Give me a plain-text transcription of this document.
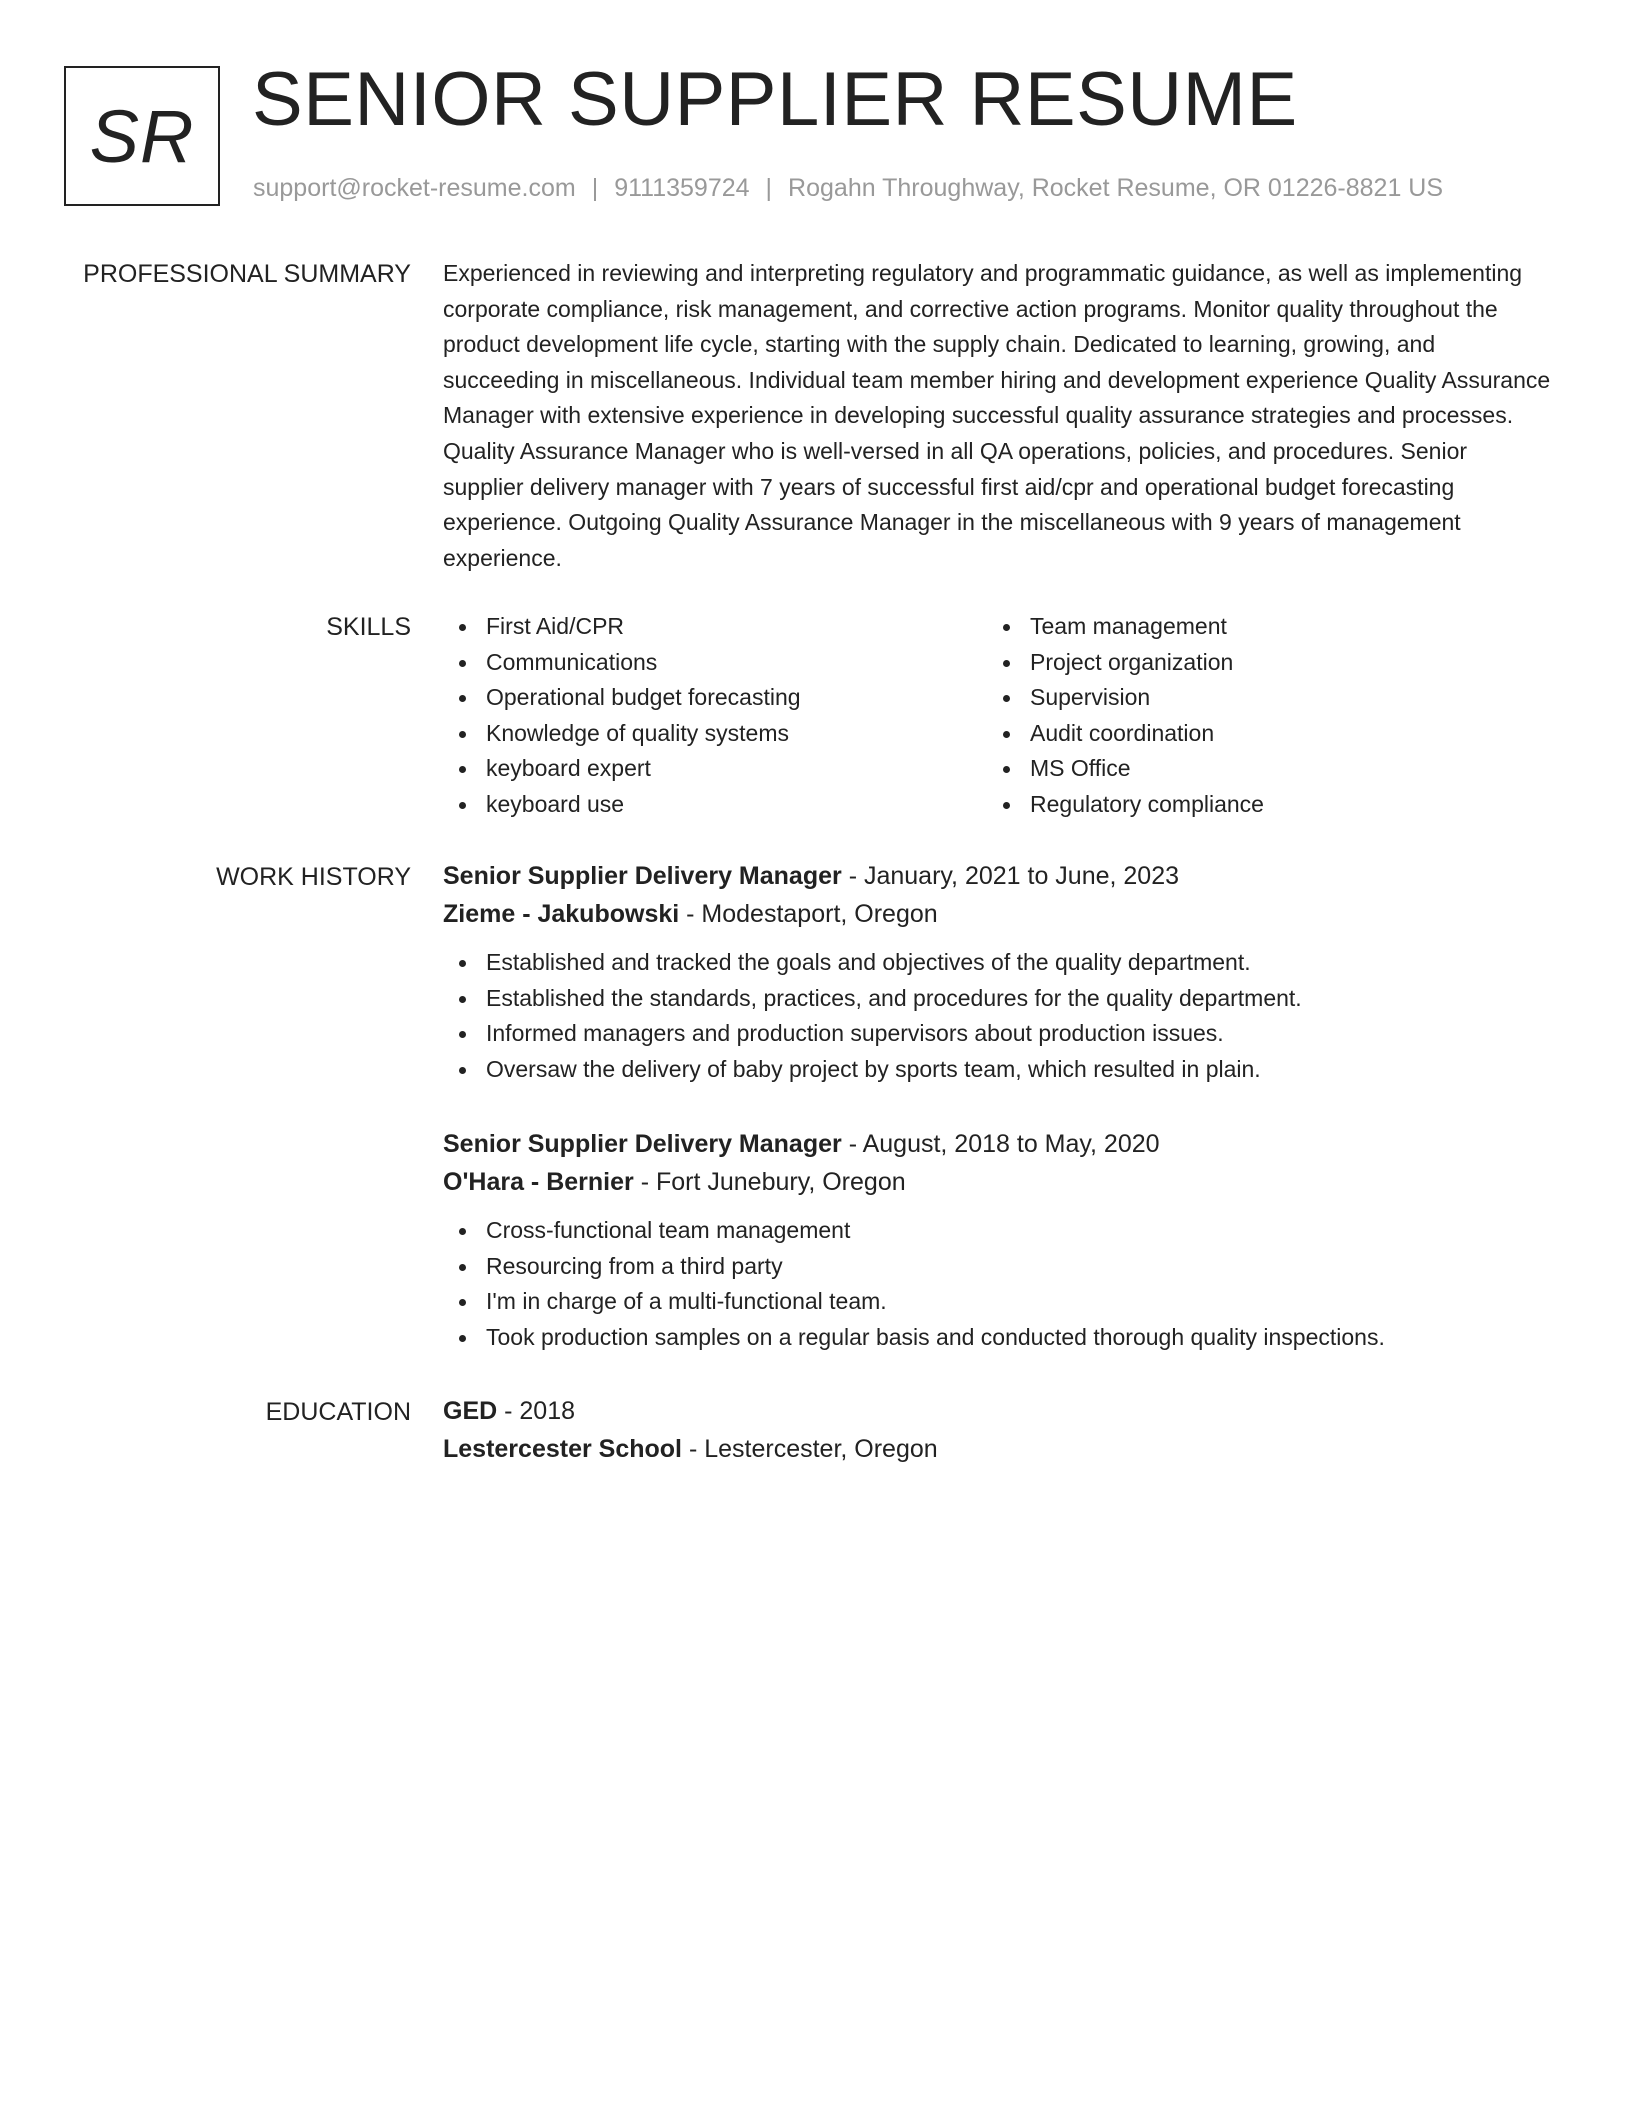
SR SENIOR SUPPLIER RESUME
support@rocket-resume.com | 9111359724 | Rogahn Throughway, Rocket Resume, OR 01226-8821 US
PROFESSIONAL SUMMARY Experienced in reviewing and interpreting regulatory and programmatic guidance, as well as implementing corporate compliance, risk management, and corrective action programs. Monitor quality throughout the product development life cycle, starting with the supply chain. Dedicated to learning, growing, and succeeding in miscellaneous. Individual team member hiring and development experience Quality Assurance Manager with extensive experience in developing successful quality assurance strategies and processes. Quality Assurance Manager who is well-versed in all QA operations, policies, and procedures. Senior supplier delivery manager with 7 years of successful first aid/cpr and operational budget forecasting experience. Outgoing Quality Assurance Manager in the miscellaneous with 9 years of management experience.

SKILLS	First Aid/CPR
Communications
Operational budget forecasting
Knowledge of quality systems
keyboard expert
keyboard use
Team management
Project organization
Supervision
Audit coordination
MS Office
Regulatory compliance
WORK HISTORY Senior Supplier Delivery Manager - January, 2021 to June, 2023
Zieme - Jakubowski - Modestaport, Oregon
Established and tracked the goals and objectives of the quality department.
Established the standards, practices, and procedures for the quality department.
Informed managers and production supervisors about production issues.
Oversaw the delivery of baby project by sports team, which resulted in plain.
Senior Supplier Delivery Manager - August, 2018 to May, 2020
O'Hara - Bernier - Fort Junebury, Oregon
Cross-functional team management
Resourcing from a third party
I'm in charge of a multi-functional team.
Took production samples on a regular basis and conducted thorough quality inspections.
EDUCATION GED - 2018
Lestercester School - Lestercester, Oregon
